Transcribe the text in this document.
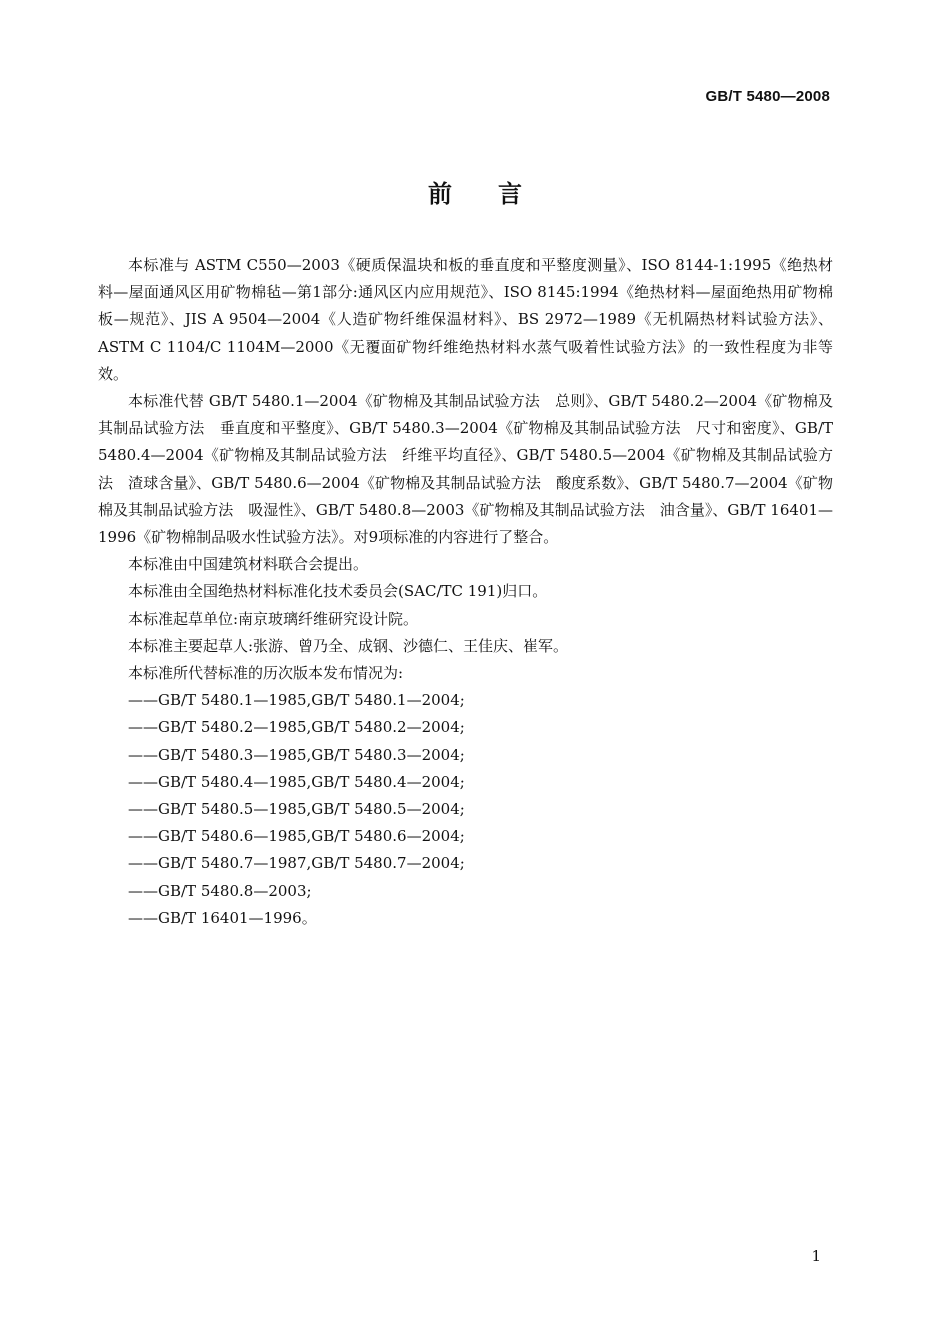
GB/T 5480—2008
前言

本标准与 ASTM C550—2003《硬质保温块和板的垂直度和平整度测量》、ISO 8144-1:1995《绝热材料—屋面通风区用矿物棉毡—第1部分:通风区内应用规范》、ISO 8145:1994《绝热材料—屋面绝热用矿物棉板—规范》、JIS A 9504—2004《人造矿物纤维保温材料》、BS 2972—1989《无机隔热材料试验方法》、ASTM C 1104/C 1104M—2000《无覆面矿物纤维绝热材料水蒸气吸着性试验方法》的一致性程度为非等效。

本标准代替 GB/T 5480.1—2004《矿物棉及其制品试验方法　总则》、GB/T 5480.2—2004《矿物棉及其制品试验方法　垂直度和平整度》、GB/T 5480.3—2004《矿物棉及其制品试验方法　尺寸和密度》、GB/T 5480.4—2004《矿物棉及其制品试验方法　纤维平均直径》、GB/T 5480.5—2004《矿物棉及其制品试验方法　渣球含量》、GB/T 5480.6—2004《矿物棉及其制品试验方法　酸度系数》、GB/T 5480.7—2004《矿物棉及其制品试验方法　吸湿性》、GB/T 5480.8—2003《矿物棉及其制品试验方法　油含量》、GB/T 16401—1996《矿物棉制品吸水性试验方法》。对9项标准的内容进行了整合。

本标准由中国建筑材料联合会提出。

本标准由全国绝热材料标准化技术委员会(SAC/TC 191)归口。

本标准起草单位:南京玻璃纤维研究设计院。

本标准主要起草人:张游、曾乃全、成钢、沙德仁、王佳庆、崔军。

本标准所代替标准的历次版本发布情况为:

——GB/T 5480.1—1985,GB/T 5480.1—2004;
——GB/T 5480.2—1985,GB/T 5480.2—2004;
——GB/T 5480.3—1985,GB/T 5480.3—2004;
——GB/T 5480.4—1985,GB/T 5480.4—2004;
——GB/T 5480.5—1985,GB/T 5480.5—2004;
——GB/T 5480.6—1985,GB/T 5480.6—2004;
——GB/T 5480.7—1987,GB/T 5480.7—2004;
——GB/T 5480.8—2003;
——GB/T 16401—1996。
1
